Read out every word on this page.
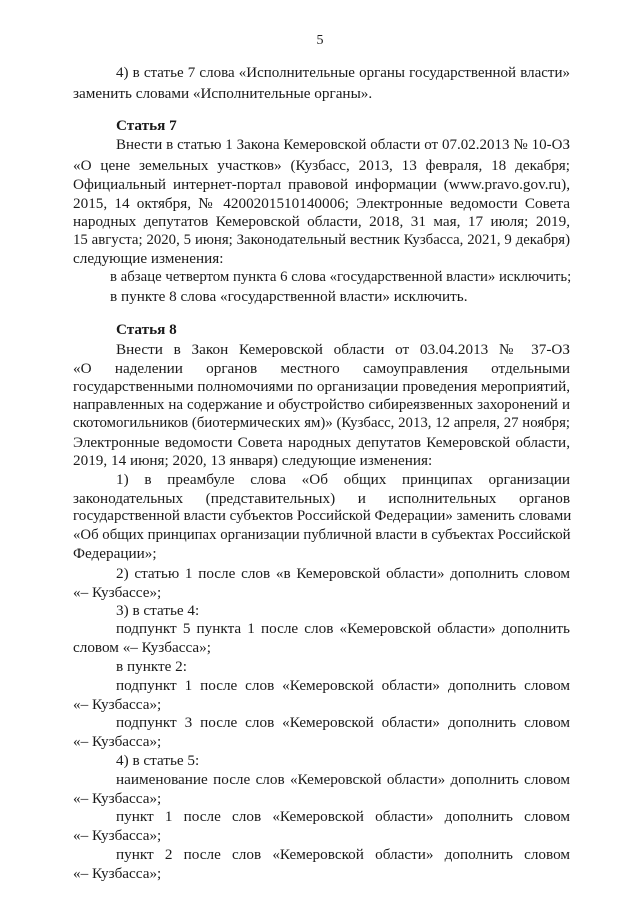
5
4) в статье 7 слова «Исполнительные органы государственной власти»
заменить словами «Исполнительные органы».
Статья 7
Внести в статью 1 Закона Кемеровской области от 07.02.2013 № 10-ОЗ
«О цене земельных участков» (Кузбасс, 2013, 13 февраля, 18 декабря;
Официальный интернет-портал правовой информации (www.pravo.gov.ru),
2015, 14 октября, № 4200201510140006; Электронные ведомости Совета
народных депутатов Кемеровской области, 2018, 31 мая, 17 июля; 2019,
15 августа; 2020, 5 июня; Законодательный вестник Кузбасса, 2021, 9 декабря)
следующие изменения:
в абзаце четвертом пункта 6 слова «государственной власти» исключить;
в пункте 8 слова «государственной власти» исключить.
Статья 8
Внести в Закон Кемеровской области от 03.04.2013 № 37-ОЗ
«О наделении органов местного самоуправления отдельными
государственными полномочиями по организации проведения мероприятий,
направленных на содержание и обустройство сибиреязвенных захоронений и
скотомогильников (биотермических ям)» (Кузбасс, 2013, 12 апреля, 27 ноября;
Электронные ведомости Совета народных депутатов Кемеровской области,
2019, 14 июня; 2020, 13 января) следующие изменения:
1) в преамбуле слова «Об общих принципах организации
законодательных (представительных) и исполнительных органов
государственной власти субъектов Российской Федерации» заменить словами
«Об общих принципах организации публичной власти в субъектах Российской
Федерации»;
2) статью 1 после слов «в Кемеровской области» дополнить словом
«– Кузбассе»;
3) в статье 4:
подпункт 5 пункта 1 после слов «Кемеровской области» дополнить
словом «– Кузбасса»;
в пункте 2:
подпункт 1 после слов «Кемеровской области» дополнить словом
«– Кузбасса»;
подпункт 3 после слов «Кемеровской области» дополнить словом
«– Кузбасса»;
4) в статье 5:
наименование после слов «Кемеровской области» дополнить словом
«– Кузбасса»;
пункт 1 после слов «Кемеровской области» дополнить словом
«– Кузбасса»;
пункт 2 после слов «Кемеровской области» дополнить словом
«– Кузбасса»;
